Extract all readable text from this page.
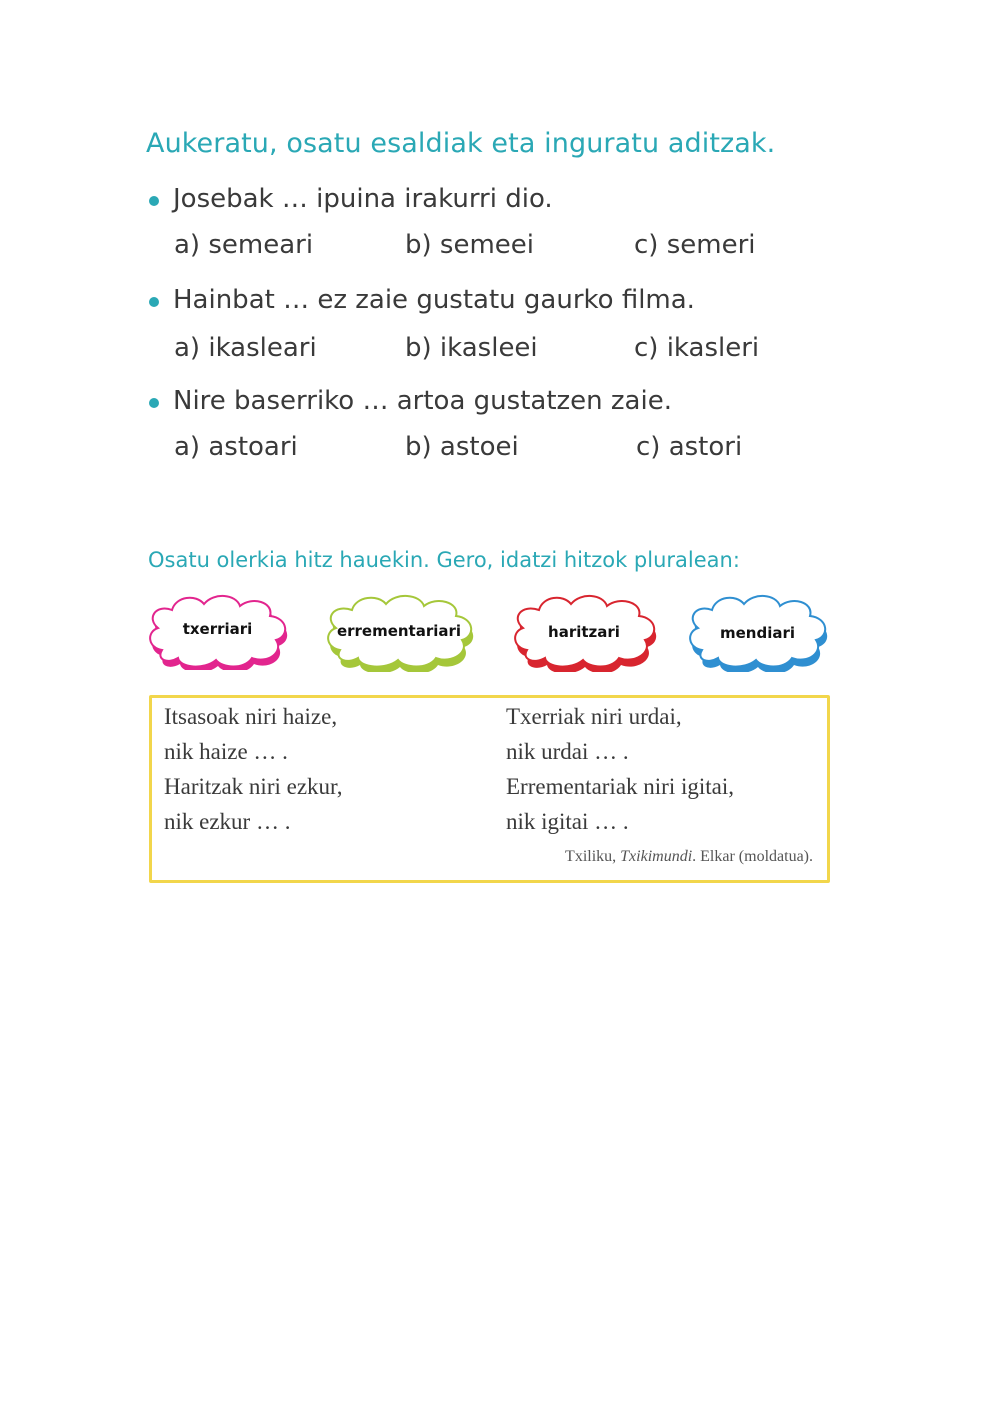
Aukeratu, osatu esaldiak eta inguratu aditzak.
Josebak … ipuina irakurri dio.
a) semeari	b) semeei	c) semeri
Hainbat … ez zaie gustatu gaurko filma.
a) ikasleari	b) ikasleei	c) ikasleri
Nire baserriko … artoa gustatzen zaie.
a) astoari	b) astoei	c) astori
Osatu olerkia hitz hauekin. Gero, idatzi hitzok pluralean:
txerriari	errementariari	haritzari	mendiari
Itsasoak niri haize,
nik haize … .
Haritzak niri ezkur,
nik ezkur … .
Txerriak niri urdai,
nik urdai … .
Errementariak niri igitai,
nik igitai … .
Txiliku, Txikimundi. Elkar (moldatua).
